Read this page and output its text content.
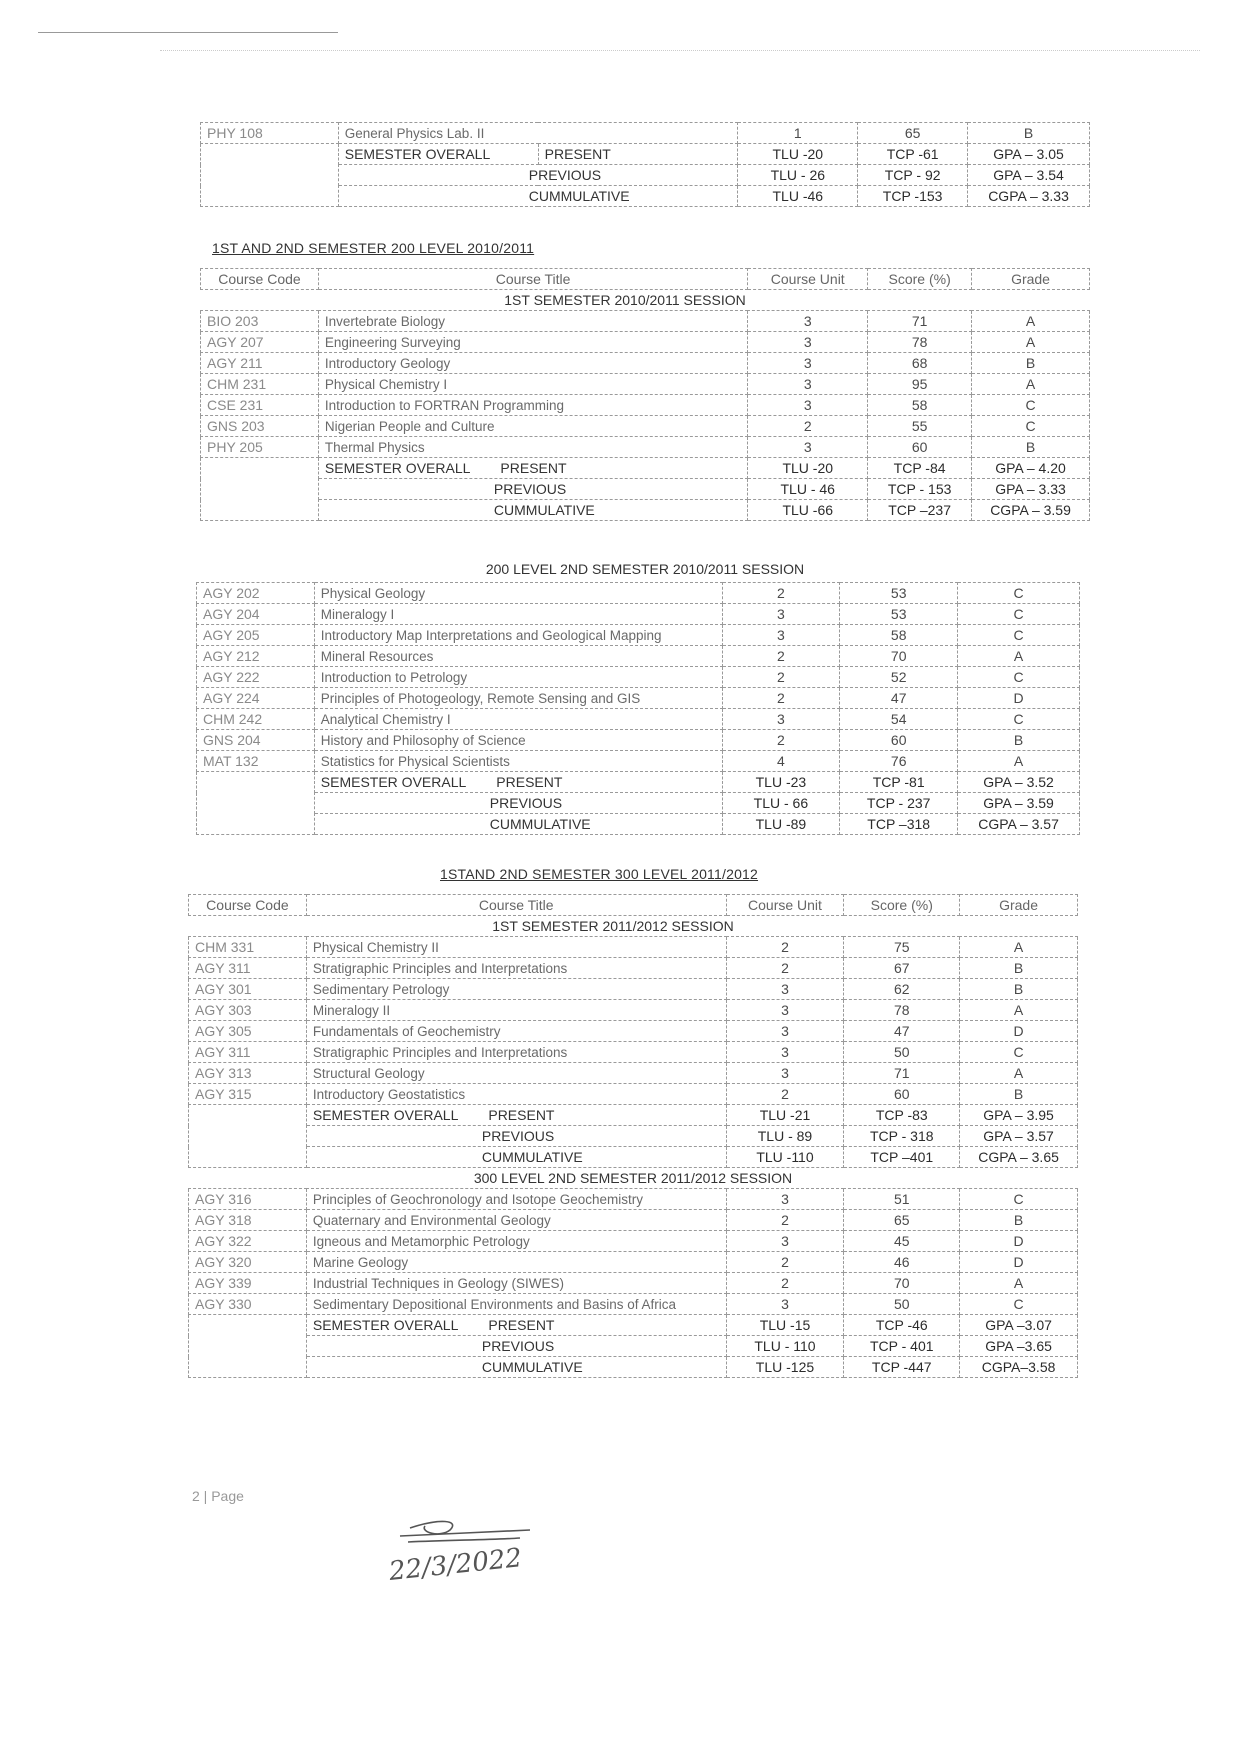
PHY 108	General Physics Lab. II		1	65	B
	SEMESTER OVERALL	PRESENT	TLU -20	TCP -61	GPA – 3.05
	PREVIOUS		TLU - 26	TCP - 92	GPA – 3.54
	CUMMULATIVE		TLU -46	TCP -153	CGPA – 3.33
1ST AND 2ND SEMESTER 200 LEVEL 2010/2011
Course Code	Course Title	Course Unit	Score (%)	Grade
1ST SEMESTER 2010/2011 SESSION				
BIO 203	Invertebrate Biology	3	71	A
AGY 207	Engineering Surveying	3	78	A
AGY 211	Introductory Geology	3	68	B
CHM 231	Physical Chemistry I	3	95	A
CSE 231	Introduction to FORTRAN Programming	3	58	C
GNS 203	Nigerian People and Culture	2	55	C
PHY 205	Thermal Physics	3	60	B
	SEMESTER OVERALL PRESENT	TLU -20	TCP -84	GPA – 4.20
	PREVIOUS	TLU - 46	TCP - 153	GPA – 3.33
	CUMMULATIVE	TLU -66	TCP –237	CGPA – 3.59
200 LEVEL 2ND SEMESTER 2010/2011 SESSION
AGY 202	Physical Geology	2	53	C
AGY 204	Mineralogy I	3	53	C
AGY 205	Introductory Map Interpretations and Geological Mapping	3	58	C
AGY 212	Mineral Resources	2	70	A
AGY 222	Introduction to Petrology	2	52	C
AGY 224	Principles of Photogeology, Remote Sensing and GIS	2	47	D
CHM 242	Analytical Chemistry I	3	54	C
GNS 204	History and Philosophy of Science	2	60	B
MAT 132	Statistics for Physical Scientists	4	76	A
	SEMESTER OVERALL PRESENT	TLU -23	TCP -81	GPA – 3.52
	PREVIOUS	TLU - 66	TCP - 237	GPA – 3.59
	CUMMULATIVE	TLU -89	TCP –318	CGPA – 3.57
1STAND 2ND SEMESTER 300 LEVEL 2011/2012
Course Code	Course Title	Course Unit	Score (%)	Grade
1ST SEMESTER 2011/2012 SESSION				
CHM 331	Physical Chemistry II	2	75	A
AGY 311	Stratigraphic Principles and Interpretations	2	67	B
AGY 301	Sedimentary Petrology	3	62	B
AGY 303	Mineralogy II	3	78	A
AGY 305	Fundamentals of Geochemistry	3	47	D
AGY 311	Stratigraphic Principles and Interpretations	3	50	C
AGY 313	Structural Geology	3	71	A
AGY 315	Introductory Geostatistics	2	60	B
	SEMESTER OVERALL PRESENT	TLU -21	TCP -83	GPA – 3.95
	PREVIOUS	TLU - 89	TCP - 318	GPA – 3.57
	CUMMULATIVE	TLU -110	TCP –401	CGPA – 3.65
300 LEVEL 2ND SEMESTER 2011/2012 SESSION				
AGY 316	Principles of Geochronology and Isotope Geochemistry	3	51	C
AGY 318	Quaternary and Environmental Geology	2	65	B
AGY 322	Igneous and Metamorphic Petrology	3	45	D
AGY 320	Marine Geology	2	46	D
AGY 339	Industrial Techniques in Geology (SIWES)	2	70	A
AGY 330	Sedimentary Depositional Environments and Basins of Africa	3	50	C
	SEMESTER OVERALL PRESENT	TLU -15	TCP -46	GPA –3.07
	PREVIOUS	TLU - 110	TCP - 401	GPA –3.65
	CUMMULATIVE	TLU -125	TCP -447	CGPA–3.58
2 | Page
22/3/2022
